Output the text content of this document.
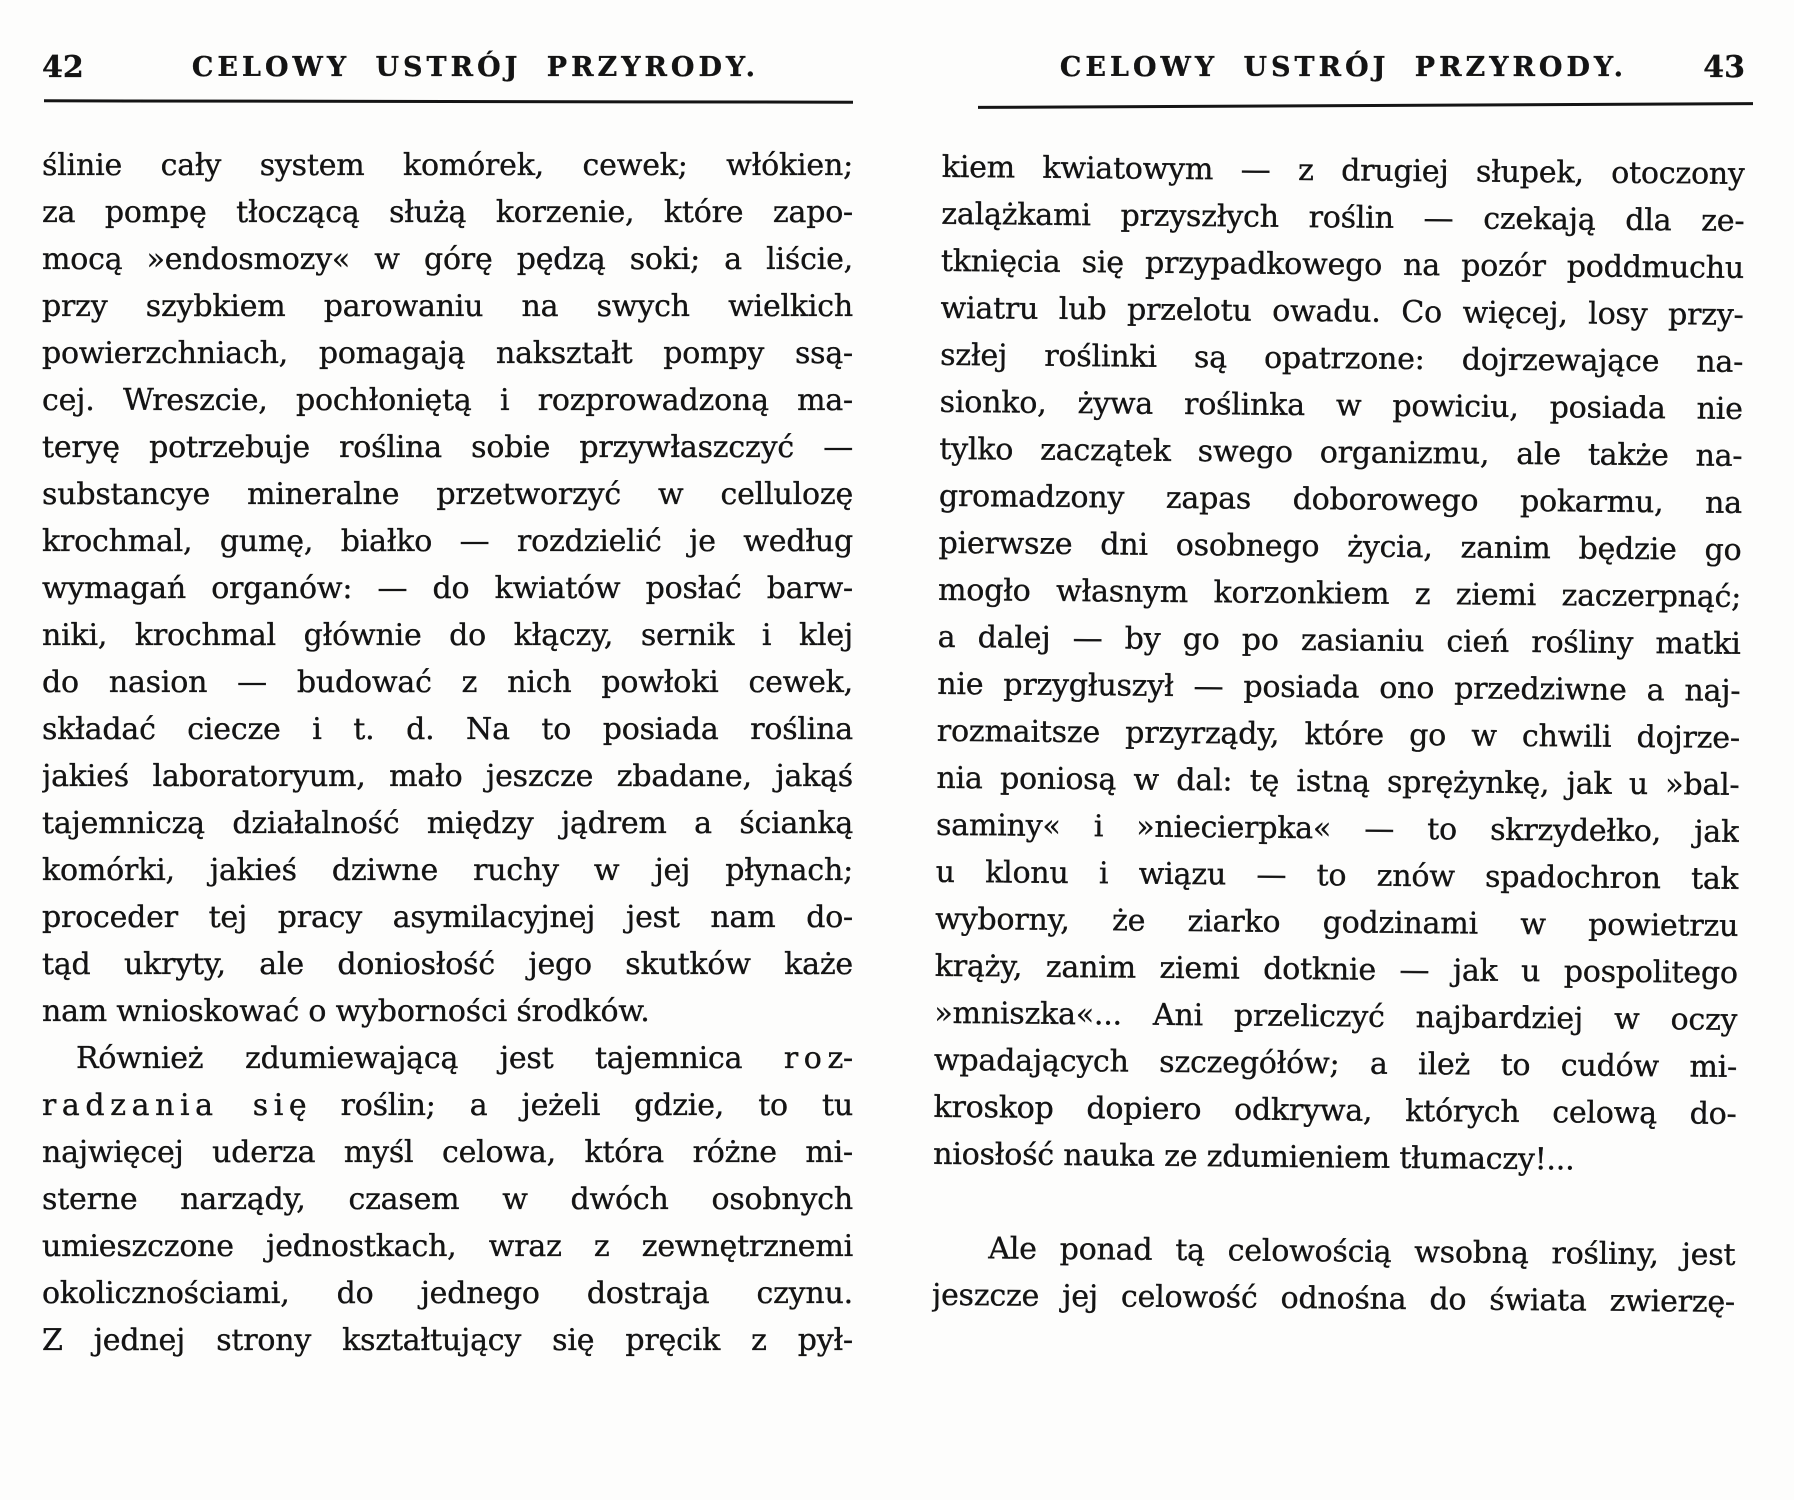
42	CELOWY USTRÓJ PRZYRODY.
ślinie cały system komórek, cewek; włókien;
za pompę tłoczącą służą korzenie, które zapo-
mocą »endosmozy« w górę pędzą soki; a liście,
przy szybkiem parowaniu na swych wielkich
powierzchniach, pomagają nakształt pompy ssą-
cej. Wreszcie, pochłoniętą i rozprowadzoną ma-
teryę potrzebuje roślina sobie przywłaszczyć —
substancye mineralne przetworzyć w cellulozę
krochmal, gumę, białko — rozdzielić je według
wymagań organów: — do kwiatów posłać barw-
niki, krochmal głównie do kłączy, sernik i klej
do nasion — budować z nich powłoki cewek,
składać ciecze i t. d. Na to posiada roślina
jakieś laboratoryum, mało jeszcze zbadane, jakąś
tajemniczą działalność między jądrem a ścianką
komórki, jakieś dziwne ruchy w jej płynach;
proceder tej pracy asymilacyjnej jest nam do-
tąd ukryty, ale doniosłość jego skutków każe
nam wnioskować o wyborności środków.
Również zdumiewającą jest tajemnica r o z-
r a d z a n i a  s i ę roślin; a jeżeli gdzie, to tu
najwięcej uderza myśl celowa, która różne mi-
sterne narządy, czasem w dwóch osobnych
umieszczone jednostkach, wraz z zewnętrznemi
okolicznościami, do jednego dostraja czynu.
Z jednej strony kształtujący się pręcik z pył-
CELOWY USTRÓJ PRZYRODY.	43
kiem kwiatowym — z drugiej słupek, otoczony
zalążkami przyszłych roślin — czekają dla ze-
tknięcia się przypadkowego na pozór poddmuchu
wiatru lub przelotu owadu. Co więcej, losy przy-
szłej roślinki są opatrzone: dojrzewające na-
sionko, żywa roślinka w powiciu, posiada nie
tylko zaczątek swego organizmu, ale także na-
gromadzony zapas doborowego pokarmu, na
pierwsze dni osobnego życia, zanim będzie go
mogło własnym korzonkiem z ziemi zaczerpnąć;
a dalej — by go po zasianiu cień rośliny matki
nie przygłuszył — posiada ono przedziwne a naj-
rozmaitsze przyrządy, które go w chwili dojrze-
nia poniosą w dal: tę istną sprężynkę, jak u »bal-
saminy« i »niecierpka« — to skrzydełko, jak
u klonu i wiązu — to znów spadochron tak
wyborny, że ziarko godzinami w powietrzu
krąży, zanim ziemi dotknie — jak u pospolitego
»mniszka«... Ani przeliczyć najbardziej w oczy
wpadających szczegółów; a ileż to cudów mi-
kroskop dopiero odkrywa, których celową do-
niosłość nauka ze zdumieniem tłumaczy!...
Ale ponad tą celowością wsobną rośliny, jest
jeszcze jej celowość odnośna do świata zwierzę-
